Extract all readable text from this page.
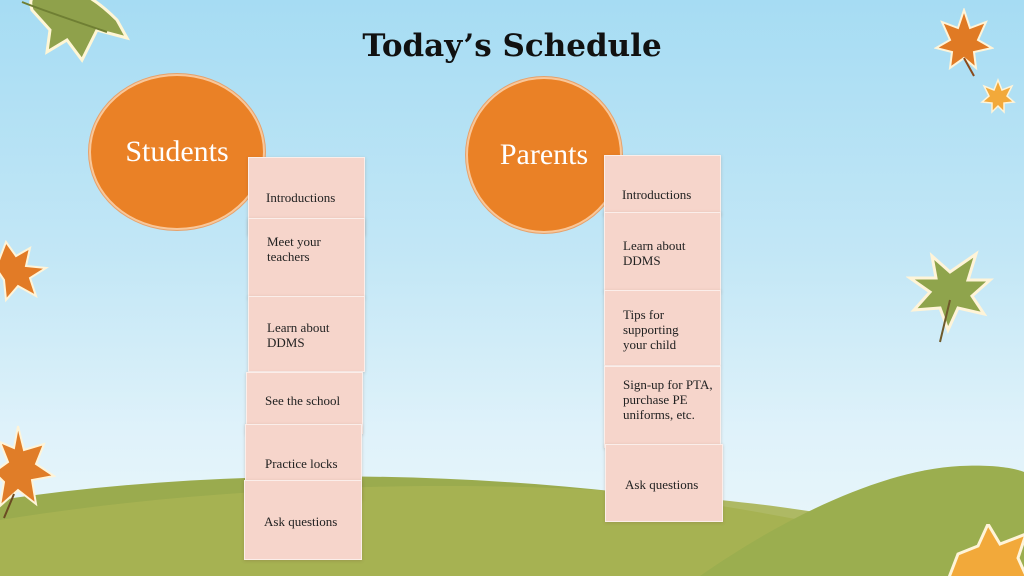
Today’s Schedule
Students
Introductions
Meet your teachers
Learn about DDMS
See the school
Practice locks
Ask questions
Parents
Introductions
Learn about DDMS
Tips for supporting your child
Sign-up for PTA, purchase PE uniforms, etc.
Ask questions
